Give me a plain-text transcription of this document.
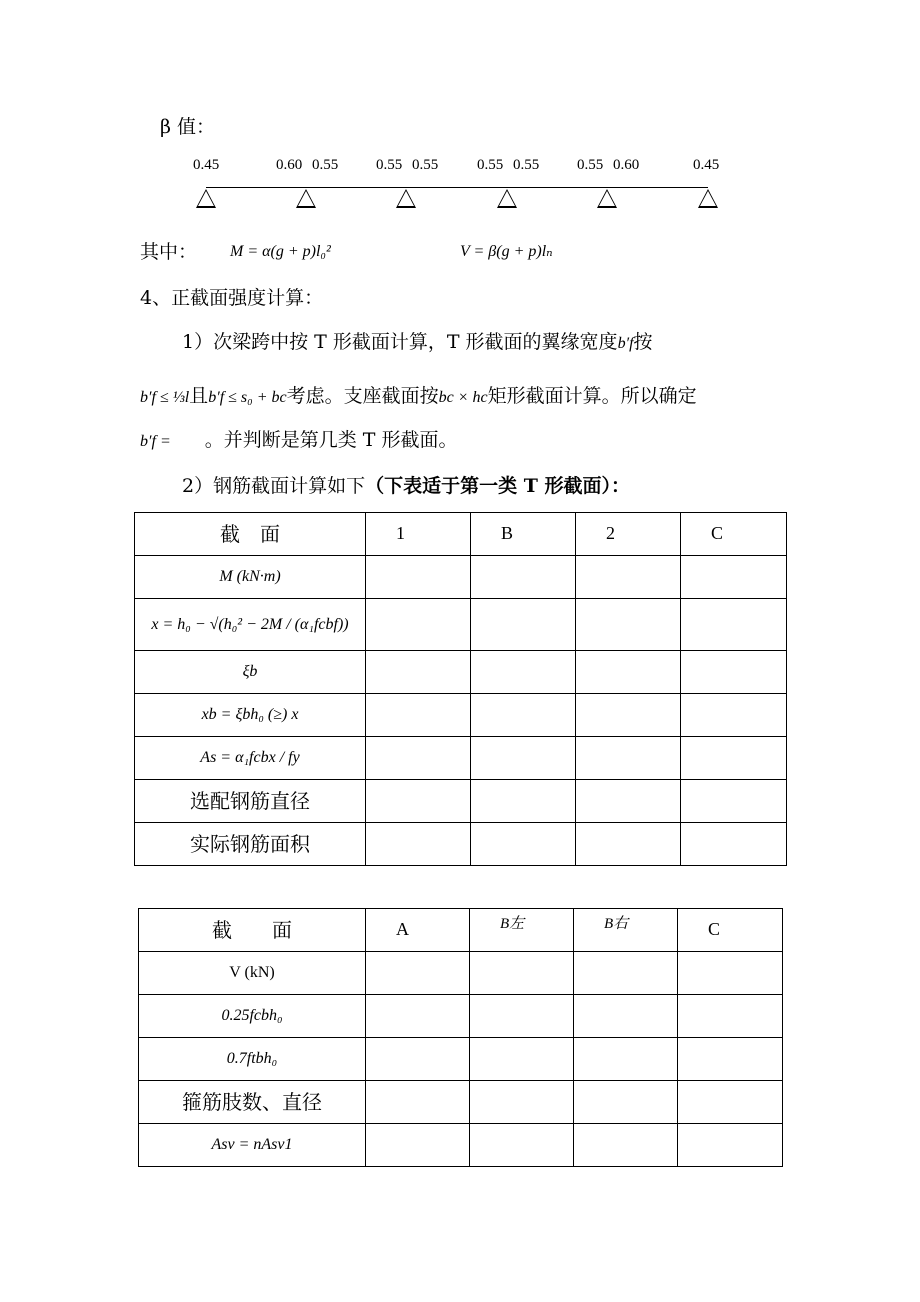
β 值：
0.45	0.60 0.55	0.55 0.55	0.55 0.55	0.55 0.60	0.45
其中： M = α(g + p)l₀²	V = β(g + p)lₙ
4、正截面强度计算：
1）次梁跨中按 T 形截面计算，T 形截面的翼缘宽度b′f按
b′f ≤ ⅓l且b′f ≤ s₀ + bc考虑。支座截面按bc × hc矩形截面计算。所以确定
b′f = 。并判断是第几类 T 形截面。
2）钢筋截面计算如下（下表适于第一类 T 形截面）：
截　面	1	B	2	C
M (kN·m)				
x = h₀ − √(h₀² − 2M / (α₁fcbf))				
ξb				
xb = ξbh₀ (≥) x				
As = α₁fcbx / fy				
选配钢筋直径				
实际钢筋面积				
截　　面	A	B左	B右	C
V (kN)				
0.25fcbh₀				
0.7ftbh₀				
箍筋肢数、直径				
Asv = nAsv1				
